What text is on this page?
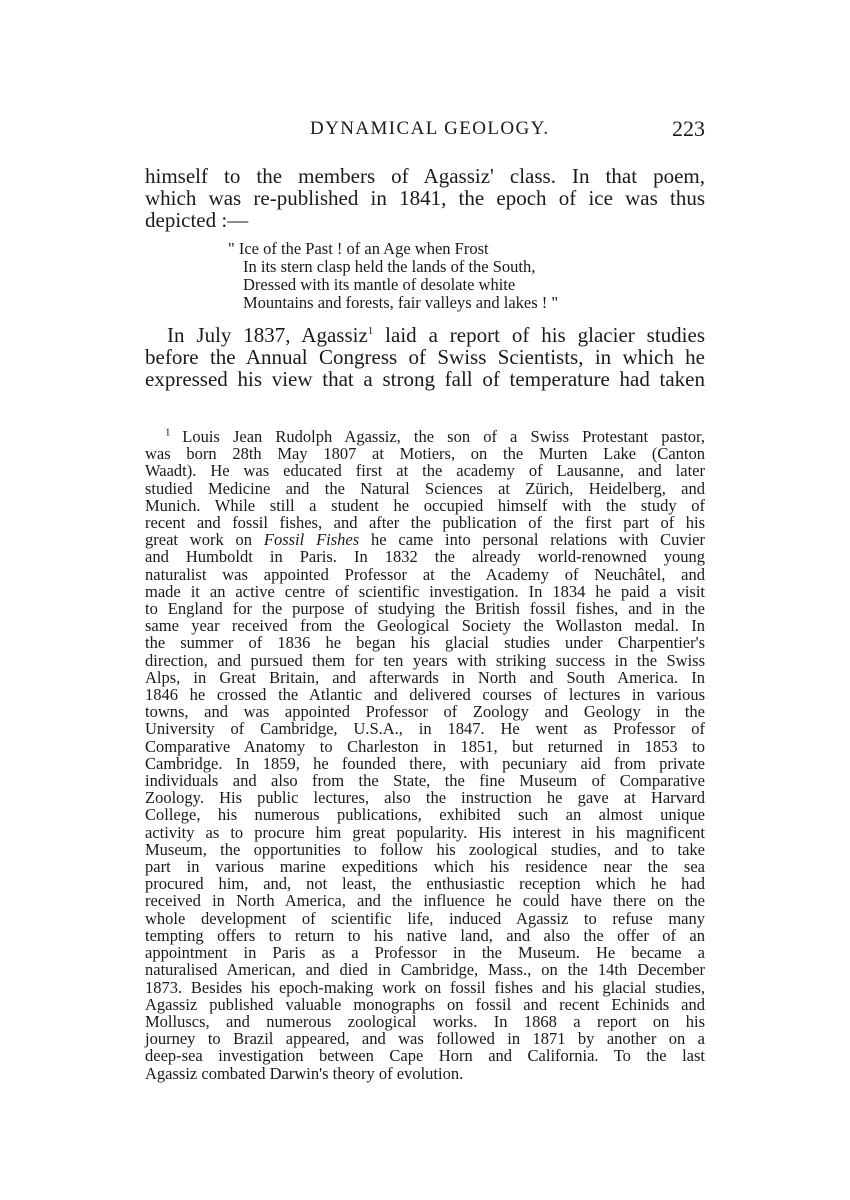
DYNAMICAL GEOLOGY.	223
himself to the members of Agassiz' class. In that poem,
which was re-published in 1841, the epoch of ice was thus
depicted :—
" Ice of the Past ! of an Age when Frost
In its stern clasp held the lands of the South,
Dressed with its mantle of desolate white
Mountains and forests, fair valleys and lakes ! "
In July 1837, Agassiz$^1$ laid a report of his glacier studies
before the Annual Congress of Swiss Scientists, in which he
expressed his view that a strong fall of temperature had taken
$^1$ Louis Jean Rudolph Agassiz, the son of a Swiss Protestant pastor,
was born 28th May 1807 at Motiers, on the Murten Lake (Canton
Waadt). He was educated first at the academy of Lausanne, and later
studied Medicine and the Natural Sciences at Zürich, Heidelberg, and
Munich. While still a student he occupied himself with the study of
recent and fossil fishes, and after the publication of the first part of his
great work on Fossil Fishes he came into personal relations with Cuvier
and Humboldt in Paris. In 1832 the already world-renowned young
naturalist was appointed Professor at the Academy of Neuchâtel, and
made it an active centre of scientific investigation. In 1834 he paid a visit
to England for the purpose of studying the British fossil fishes, and in the
same year received from the Geological Society the Wollaston medal. In
the summer of 1836 he began his glacial studies under Charpentier's
direction, and pursued them for ten years with striking success in the Swiss
Alps, in Great Britain, and afterwards in North and South America. In
1846 he crossed the Atlantic and delivered courses of lectures in various
towns, and was appointed Professor of Zoology and Geology in the
University of Cambridge, U.S.A., in 1847. He went as Professor of
Comparative Anatomy to Charleston in 1851, but returned in 1853 to
Cambridge. In 1859, he founded there, with pecuniary aid from private
individuals and also from the State, the fine Museum of Comparative
Zoology. His public lectures, also the instruction he gave at Harvard
College, his numerous publications, exhibited such an almost unique
activity as to procure him great popularity. His interest in his magnificent
Museum, the opportunities to follow his zoological studies, and to take
part in various marine expeditions which his residence near the sea
procured him, and, not least, the enthusiastic reception which he had
received in North America, and the influence he could have there on the
whole development of scientific life, induced Agassiz to refuse many
tempting offers to return to his native land, and also the offer of an
appointment in Paris as a Professor in the Museum. He became a
naturalised American, and died in Cambridge, Mass., on the 14th December
1873. Besides his epoch-making work on fossil fishes and his glacial studies,
Agassiz published valuable monographs on fossil and recent Echinids and
Molluscs, and numerous zoological works. In 1868 a report on his
journey to Brazil appeared, and was followed in 1871 by another on a
deep-sea investigation between Cape Horn and California. To the last
Agassiz combated Darwin's theory of evolution.
